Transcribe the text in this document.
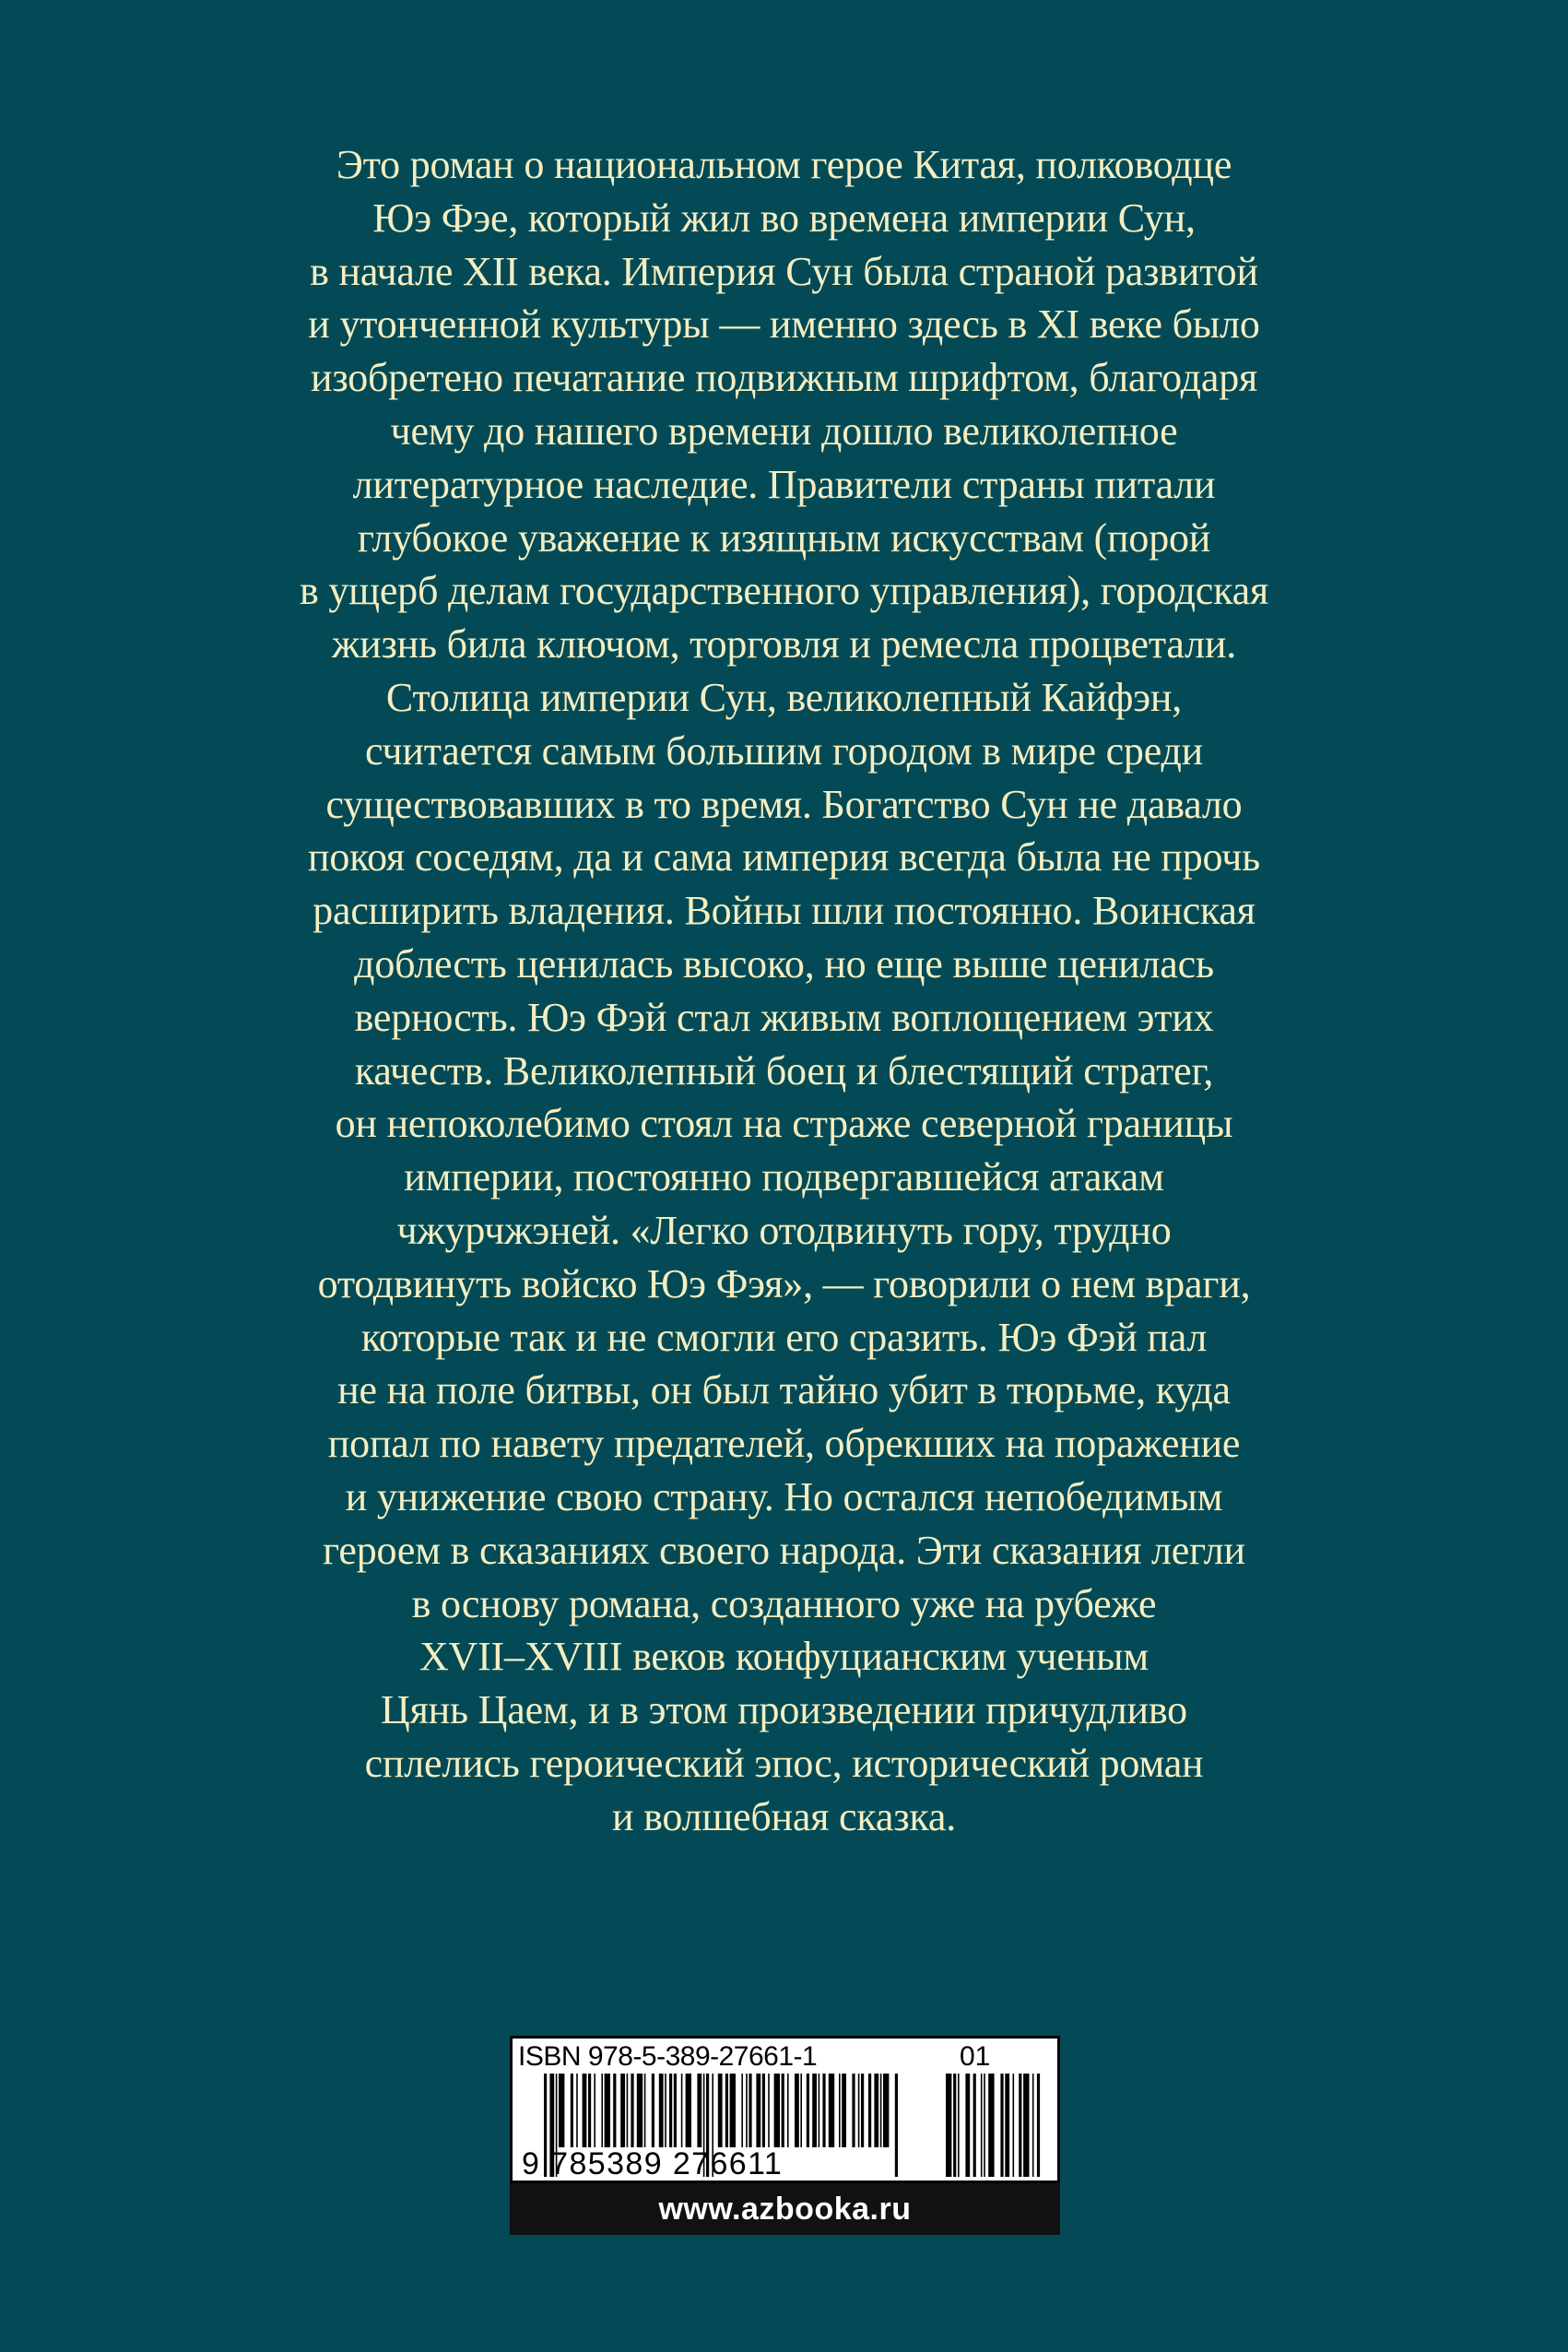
Это роман о национальном герое Китая, полководце
Юэ Фэе, который жил во времена империи Сун,
в начале XII века. Империя Сун была страной развитой
и утонченной культуры — именно здесь в XI веке было
изобретено печатание подвижным шрифтом, благодаря
чему до нашего времени дошло великолепное
литературное наследие. Правители страны питали
глубокое уважение к изящным искусствам (порой
в ущерб делам государственного управления), городская
жизнь била ключом, торговля и ремесла процветали.
Столица империи Сун, великолепный Кайфэн,
считается самым большим городом в мире среди
существовавших в то время. Богатство Сун не давало
покоя соседям, да и сама империя всегда была не прочь
расширить владения. Войны шли постоянно. Воинская
доблесть ценилась высоко, но еще выше ценилась
верность. Юэ Фэй стал живым воплощением этих
качеств. Великолепный боец и блестящий стратег,
он непоколебимо стоял на страже северной границы
империи, постоянно подвергавшейся атакам
чжурчжэней. «Легко отодвинуть гору, трудно
отодвинуть войско Юэ Фэя», — говорили о нем враги,
которые так и не смогли его сразить. Юэ Фэй пал
не на поле битвы, он был тайно убит в тюрьме, куда
попал по навету предателей, обрекших на поражение
и унижение свою страну. Но остался непобедимым
героем в сказаниях своего народа. Эти сказания легли
в основу романа, созданного уже на рубеже
XVII–XVIII веков конфуцианским ученым
Цянь Цаем, и в этом произведении причудливо
сплелись героический эпос, исторический роман
и волшебная сказка.

ISBN 978-5-389-27661-1	01
9 785389 276611
www.azbooka.ru
